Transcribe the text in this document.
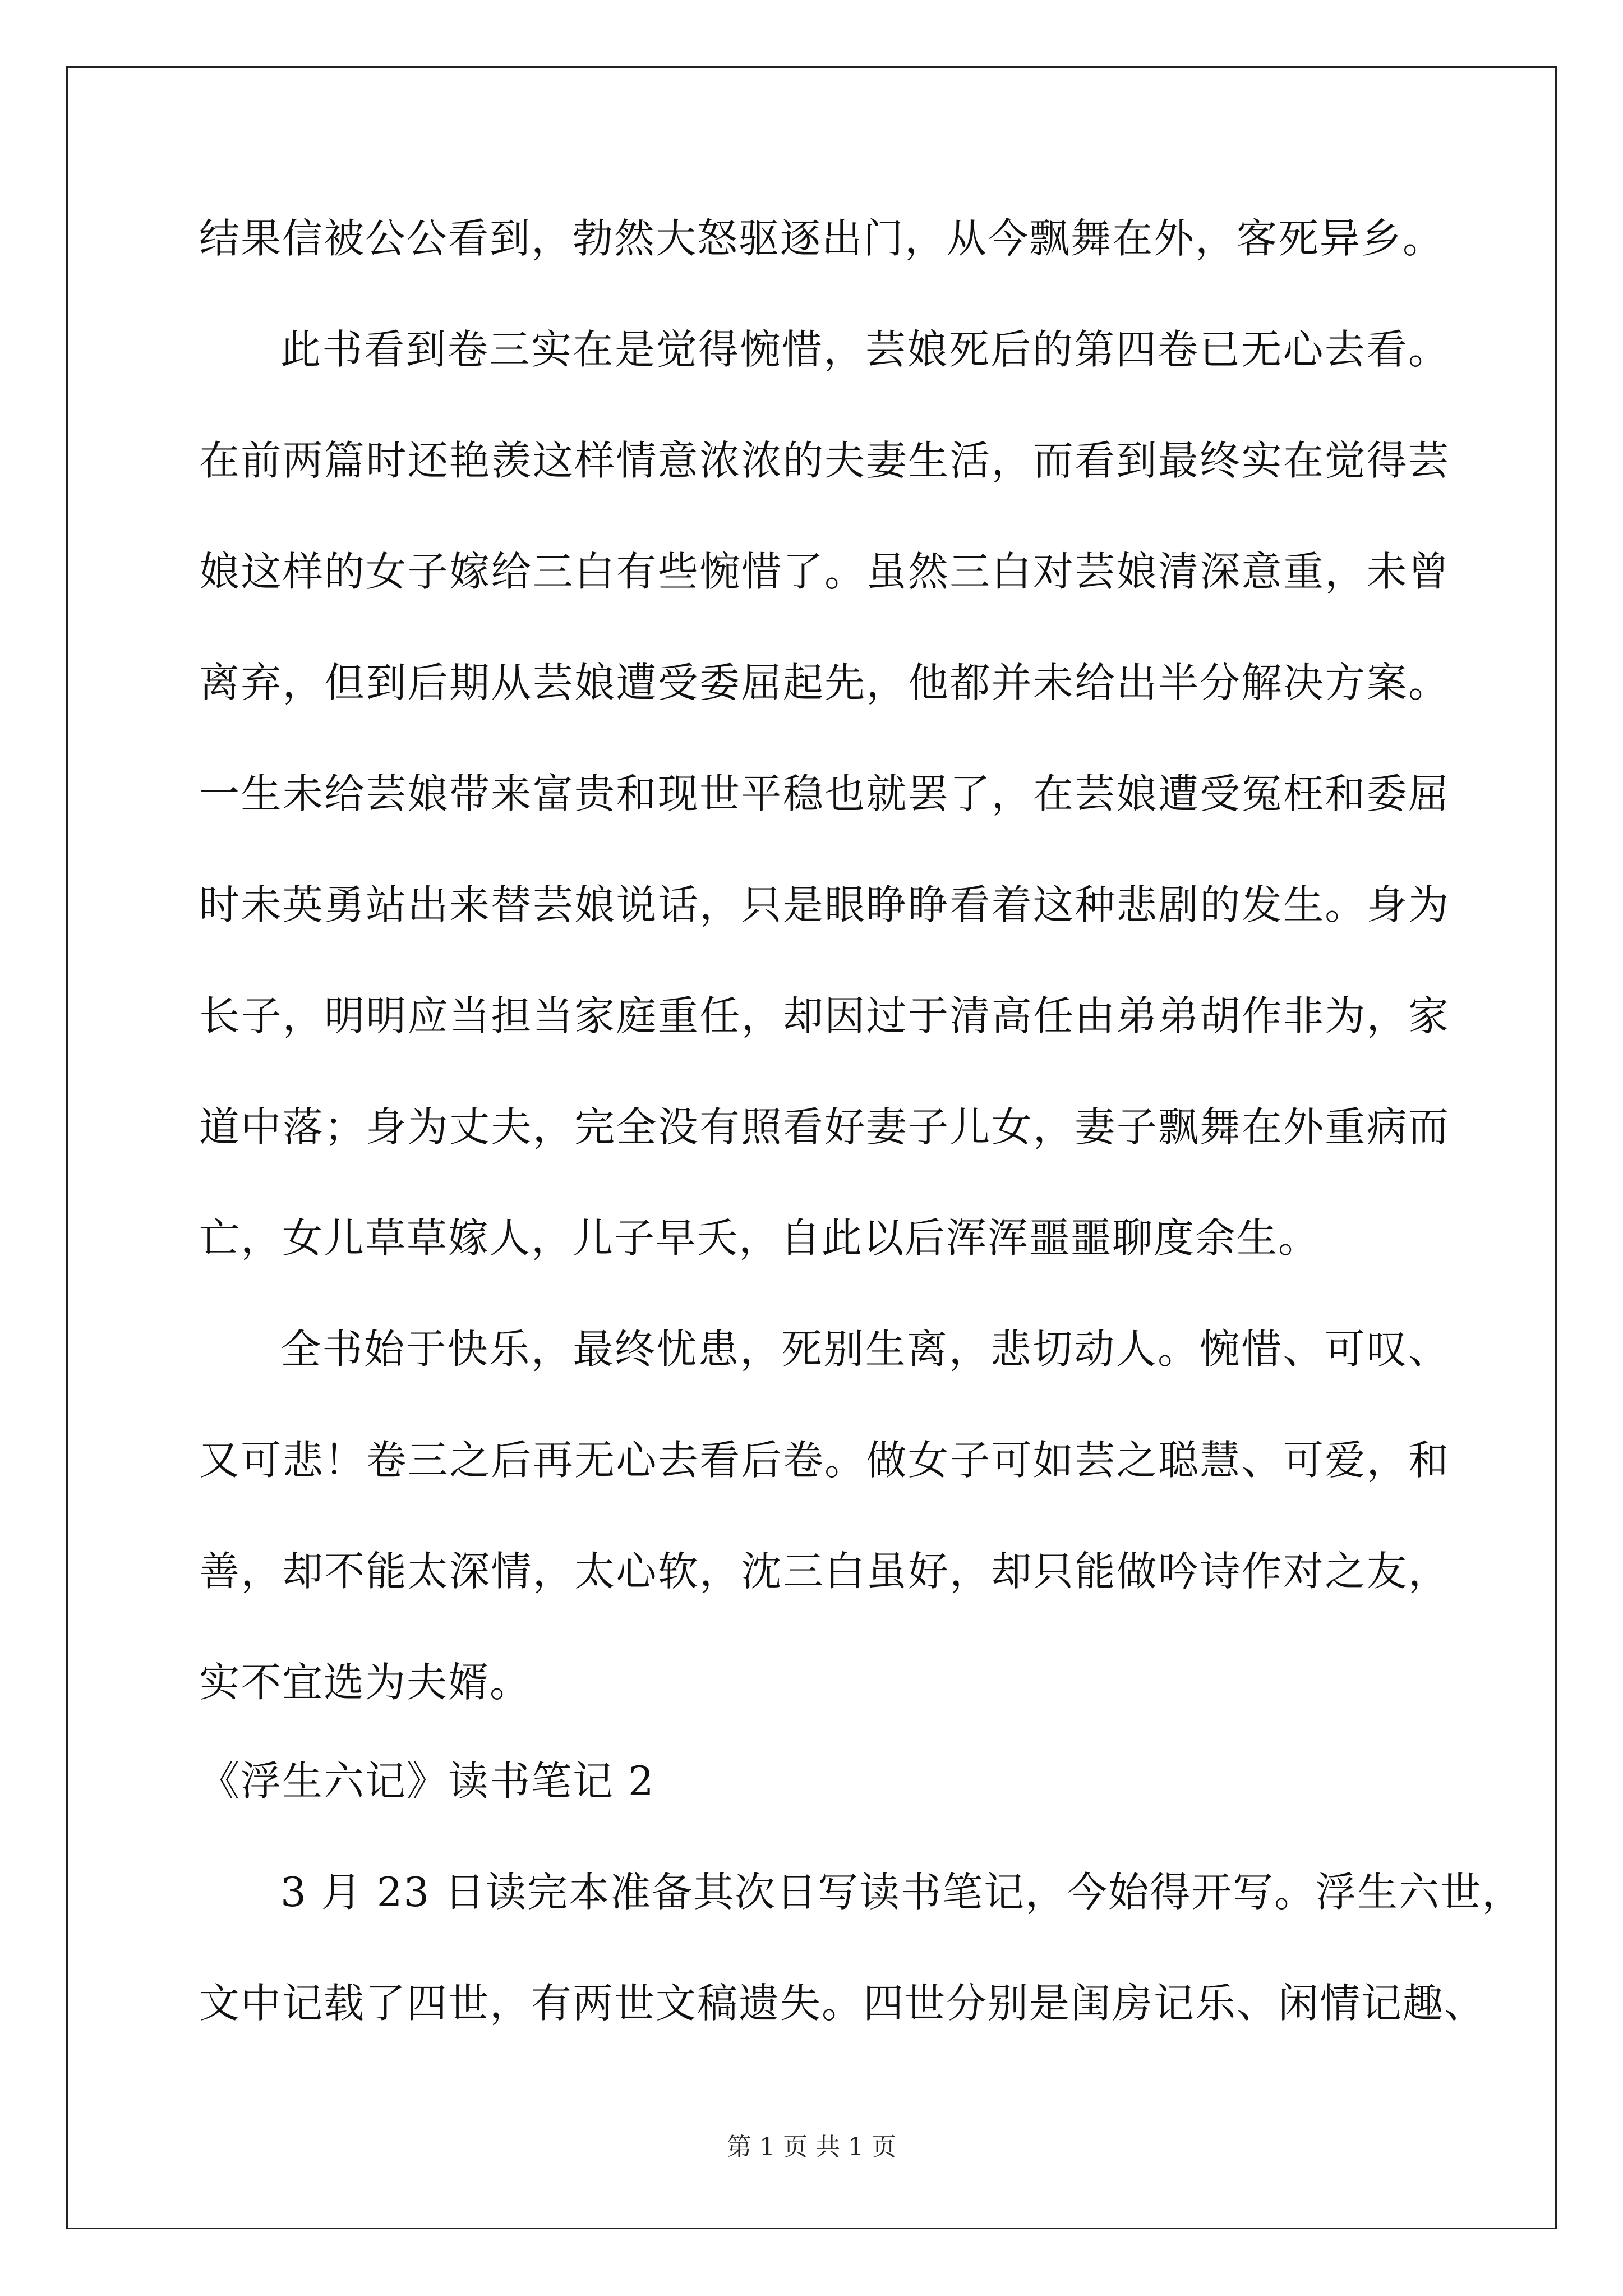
结果信被公公看到，勃然大怒驱逐出门，从今飘舞在外，客死异乡。
此书看到卷三实在是觉得惋惜，芸娘死后的第四卷已无心去看。
在前两篇时还艳羡这样情意浓浓的夫妻生活，而看到最终实在觉得芸
娘这样的女子嫁给三白有些惋惜了。虽然三白对芸娘清深意重，未曾
离弃，但到后期从芸娘遭受委屈起先，他都并未给出半分解决方案。
一生未给芸娘带来富贵和现世平稳也就罢了，在芸娘遭受冤枉和委屈
时未英勇站出来替芸娘说话，只是眼睁睁看着这种悲剧的发生。身为
长子，明明应当担当家庭重任，却因过于清高任由弟弟胡作非为，家
道中落；身为丈夫，完全没有照看好妻子儿女，妻子飘舞在外重病而
亡，女儿草草嫁人，儿子早夭，自此以后浑浑噩噩聊度余生。
全书始于快乐，最终忧患，死别生离，悲切动人。惋惜、可叹、
又可悲！卷三之后再无心去看后卷。做女子可如芸之聪慧、可爱，和
善，却不能太深情，太心软，沈三白虽好，却只能做吟诗作对之友，
实不宜选为夫婿。
《浮生六记》读书笔记 2
3 月 23 日读完本准备其次日写读书笔记，今始得开写。浮生六世，
文中记载了四世，有两世文稿遗失。四世分别是闺房记乐、闲情记趣、
第 1 页 共 1 页
